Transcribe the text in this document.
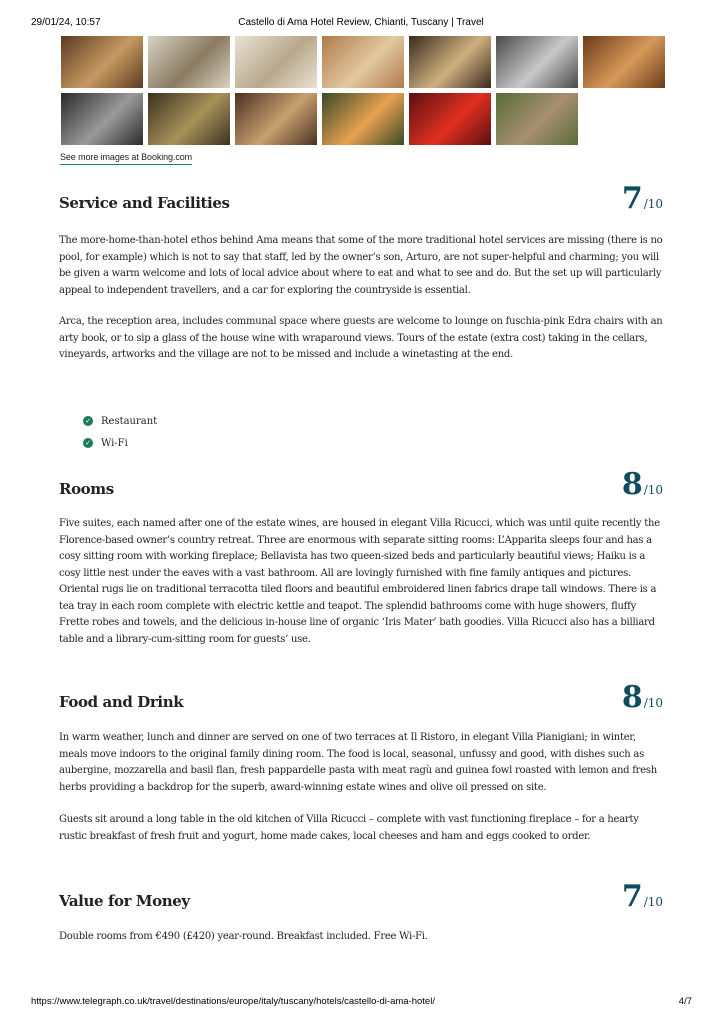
29/01/24, 10:57	Castello di Ama Hotel Review, Chianti, Tuscany | Travel
See more images at Booking.com
Service and Facilities	7/10

The more-home-than-hotel ethos behind Ama means that some of the more traditional hotel services are missing (there is no pool, for example) which is not to say that staff, led by the owner’s son, Arturo, are not super-helpful and charming; you will be given a warm welcome and lots of local advice about where to eat and what to see and do. But the set up will particularly appeal to independent travellers, and a car for exploring the countryside is essential.

Arca, the reception area, includes communal space where guests are welcome to lounge on fuschia-pink Edra chairs with an arty book, or to sip a glass of the house wine with wraparound views. Tours of the estate (extra cost) taking in the cellars, vineyards, artworks and the village are not to be missed and include a winetasting at the end.

✓ Restaurant
✓ Wi-Fi
Rooms	8/10

Five suites, each named after one of the estate wines, are housed in elegant Villa Ricucci, which was until quite recently the Florence-based owner’s country retreat. Three are enormous with separate sitting rooms: L’Apparita sleeps four and has a cosy sitting room with working fireplace; Bellavista has two queen-sized beds and particularly beautiful views; Haiku is a cosy little nest under the eaves with a vast bathroom. All are lovingly furnished with fine family antiques and pictures. Oriental rugs lie on traditional terracotta tiled floors and beautiful embroidered linen fabrics drape tall windows. There is a tea tray in each room complete with electric kettle and teapot. The splendid bathrooms come with huge showers, fluffy Frette robes and towels, and the delicious in-house line of organic ‘Iris Mater’ bath goodies. Villa Ricucci also has a billiard table and a library-cum-sitting room for guests’ use.

Food and Drink	8/10

In warm weather, lunch and dinner are served on one of two terraces at Il Ristoro, in elegant Villa Pianigiani; in winter, meals move indoors to the original family dining room. The food is local, seasonal, unfussy and good, with dishes such as aubergine, mozzarella and basil flan, fresh pappardelle pasta with meat ragù and guinea fowl roasted with lemon and fresh herbs providing a backdrop for the superb, award-winning estate wines and olive oil pressed on site.

Guests sit around a long table in the old kitchen of Villa Ricucci – complete with vast functioning fireplace – for a hearty rustic breakfast of fresh fruit and yogurt, home made cakes, local cheeses and ham and eggs cooked to order.

Value for Money	7/10

Double rooms from €490 (£420) year-round. Breakfast included. Free Wi-Fi.

https://www.telegraph.co.uk/travel/destinations/europe/italy/tuscany/hotels/castello-di-ama-hotel/	4/7
